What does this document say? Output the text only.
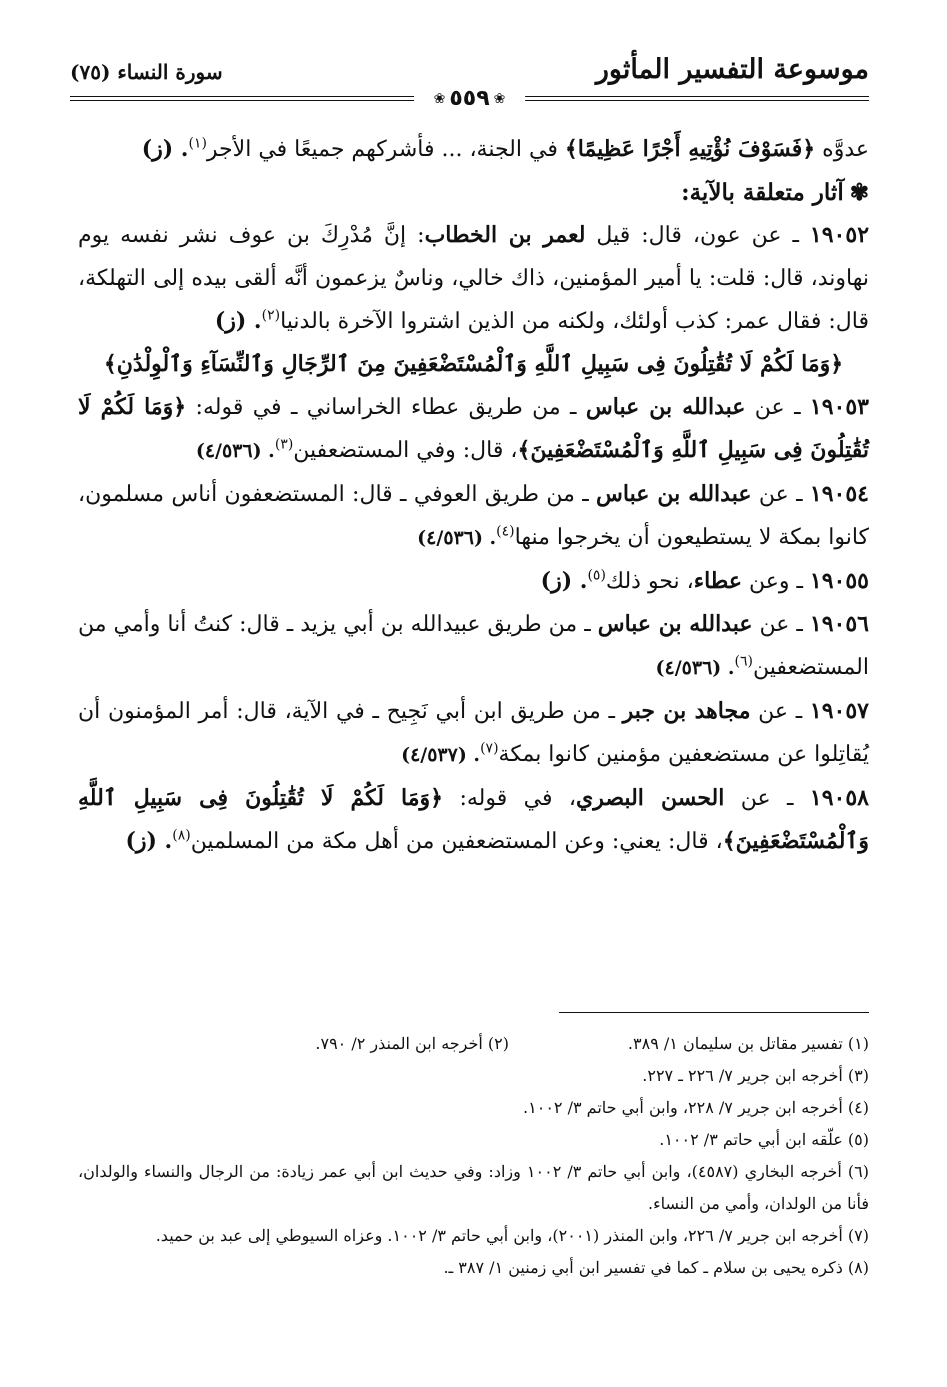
موسوعة التفسير المأثور
سورة النساء (٧٥)
❀٥٥٩❀

عدوَّه ﴿فَسَوْفَ نُؤْتِيهِ أَجْرًا عَظِيمًا﴾ في الجنة، ... فأشركهم جميعًا في الأجر$^{(١)}$. (ز)

✾آثار متعلقة بالآية:

١٩٠٥٢ ـ عن عون، قال: قيل لعمر بن الخطاب: إنَّ مُدْرِكَ بن عوف نشر نفسه يوم نهاوند، قال: قلت: يا أمير المؤمنين، ذاك خالي، وناسٌ يزعمون أنَّه ألقى بيده إلى التهلكة، قال: فقال عمر: كذب أولئك، ولكنه من الذين اشتروا الآخرة بالدنيا$^{(٢)}$. (ز)

﴿وَمَا لَكُمْ لَا تُقَٰتِلُونَ فِى سَبِيلِ ٱللَّهِ وَٱلْمُسْتَضْعَفِينَ مِنَ ٱلرِّجَالِ وَٱلنِّسَآءِ وَٱلْوِلْدَٰنِ﴾

١٩٠٥٣ ـ عن عبدالله بن عباس ـ من طريق عطاء الخراساني ـ في قوله: ﴿وَمَا لَكُمْ لَا تُقَٰتِلُونَ فِى سَبِيلِ ٱللَّهِ وَٱلْمُسْتَضْعَفِينَ﴾، قال: وفي المستضعفين$^{(٣)}$. (٤/٥٣٦)

١٩٠٥٤ ـ عن عبدالله بن عباس ـ من طريق العوفي ـ قال: المستضعفون أناس مسلمون، كانوا بمكة لا يستطيعون أن يخرجوا منها$^{(٤)}$. (٤/٥٣٦)

١٩٠٥٥ ـ وعن عطاء، نحو ذلك$^{(٥)}$. (ز)

١٩٠٥٦ ـ عن عبدالله بن عباس ـ من طريق عبيدالله بن أبي يزيد ـ قال: كنتُ أنا وأمي من المستضعفين$^{(٦)}$. (٤/٥٣٦)

١٩٠٥٧ ـ عن مجاهد بن جبر ـ من طريق ابن أبي نَجِيح ـ في الآية، قال: أمر المؤمنون أن يُقاتِلوا عن مستضعفين مؤمنين كانوا بمكة$^{(٧)}$. (٤/٥٣٧)

١٩٠٥٨ ـ عن الحسن البصري، في قوله: ﴿وَمَا لَكُمْ لَا تُقَٰتِلُونَ فِى سَبِيلِ ٱللَّهِ وَٱلْمُسْتَضْعَفِينَ﴾، قال: يعني: وعن المستضعفين من أهل مكة من المسلمين$^{(٨)}$. (ز)

(١) تفسير مقاتل بن سليمان ١/ ٣٨٩.
(٢) أخرجه ابن المنذر ٢/ ٧٩٠.

(٣) أخرجه ابن جرير ٧/ ٢٢٦ ـ ٢٢٧.

(٤) أخرجه ابن جرير ٧/ ٢٢٨، وابن أبي حاتم ٣/ ١٠٠٢.

(٥) علّقه ابن أبي حاتم ٣/ ١٠٠٢.

(٦) أخرجه البخاري (٤٥٨٧)، وابن أبي حاتم ٣/ ١٠٠٢ وزاد: وفي حديث ابن أبي عمر زيادة: من الرجال والنساء والولدان، فأنا من الولدان، وأمي من النساء.

(٧) أخرجه ابن جرير ٧/ ٢٢٦، وابن المنذر (٢٠٠١)، وابن أبي حاتم ٣/ ١٠٠٢. وعزاه السيوطي إلى عبد بن حميد.

(٨) ذكره يحيى بن سلام ـ كما في تفسير ابن أبي زمنين ١/ ٣٨٧ ـ.
